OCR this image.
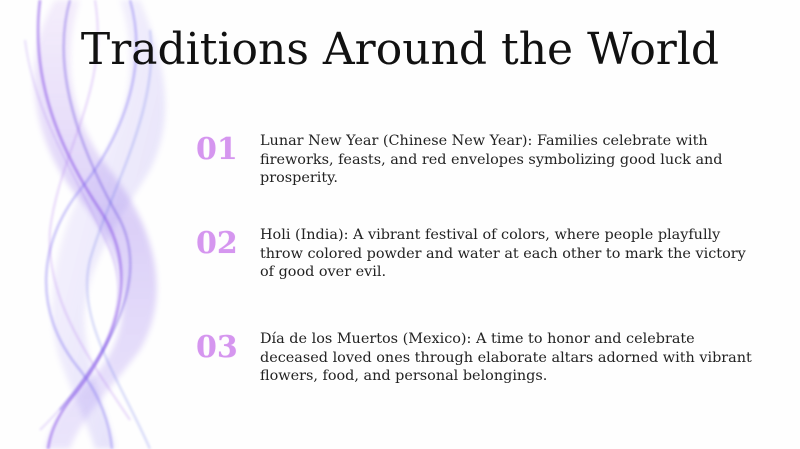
Traditions Around the World
01	Lunar New Year (Chinese New Year): Families celebrate with fireworks, feasts, and red envelopes symbolizing good luck and prosperity.
02	Holi (India): A vibrant festival of colors, where people playfully throw colored powder and water at each other to mark the victory of good over evil.
03	Día de los Muertos (Mexico): A time to honor and celebrate deceased loved ones through elaborate altars adorned with vibrant flowers, food, and personal belongings.
